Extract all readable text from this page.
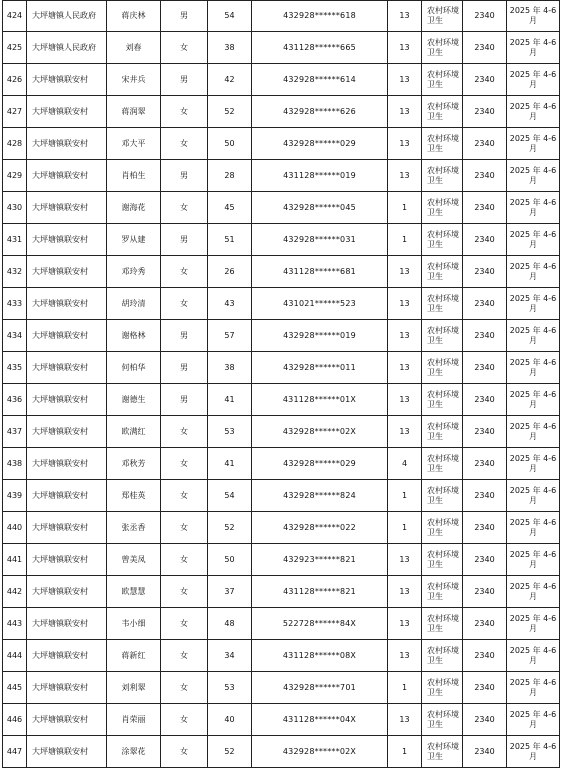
424	大坪塘镇人民政府	蒋庆林	男	54	432928******618	13	农村环境卫生	2340	2025 年 4-6 月
425	大坪塘镇人民政府	刘春	女	38	431128******665	13	农村环境卫生	2340	2025 年 4-6 月
426	大坪塘镇联安村	宋井兵	男	42	432928******614	13	农村环境卫生	2340	2025 年 4-6 月
427	大坪塘镇联安村	蒋润翠	女	52	432928******626	13	农村环境卫生	2340	2025 年 4-6 月
428	大坪塘镇联安村	邓大平	女	50	432928******029	13	农村环境卫生	2340	2025 年 4-6 月
429	大坪塘镇联安村	肖柏生	男	28	431128******019	13	农村环境卫生	2340	2025 年 4-6 月
430	大坪塘镇联安村	谢海花	女	45	432928******045	1	农村环境卫生	2340	2025 年 4-6 月
431	大坪塘镇联安村	罗从建	男	51	432928******031	1	农村环境卫生	2340	2025 年 4-6 月
432	大坪塘镇联安村	邓玲秀	女	26	431128******681	13	农村环境卫生	2340	2025 年 4-6 月
433	大坪塘镇联安村	胡玲清	女	43	431021******523	13	农村环境卫生	2340	2025 年 4-6 月
434	大坪塘镇联安村	谢格林	男	57	432928******019	13	农村环境卫生	2340	2025 年 4-6 月
435	大坪塘镇联安村	何柏华	男	38	432928******011	13	农村环境卫生	2340	2025 年 4-6 月
436	大坪塘镇联安村	谢德生	男	41	431128******01X	13	农村环境卫生	2340	2025 年 4-6 月
437	大坪塘镇联安村	欧满红	女	53	432928******02X	13	农村环境卫生	2340	2025 年 4-6 月
438	大坪塘镇联安村	邓秋芳	女	41	432928******029	4	农村环境卫生	2340	2025 年 4-6 月
439	大坪塘镇联安村	郑桂英	女	54	432928******824	1	农村环境卫生	2340	2025 年 4-6 月
440	大坪塘镇联安村	张丞香	女	52	432928******022	1	农村环境卫生	2340	2025 年 4-6 月
441	大坪塘镇联安村	曾美凤	女	50	432923******821	13	农村环境卫生	2340	2025 年 4-6 月
442	大坪塘镇联安村	欧慧慧	女	37	431128******821	13	农村环境卫生	2340	2025 年 4-6 月
443	大坪塘镇联安村	韦小细	女	48	522728******84X	13	农村环境卫生	2340	2025 年 4-6 月
444	大坪塘镇联安村	蒋新红	女	34	431128******08X	13	农村环境卫生	2340	2025 年 4-6 月
445	大坪塘镇联安村	刘利翠	女	53	432928******701	1	农村环境卫生	2340	2025 年 4-6 月
446	大坪塘镇联安村	肖荣丽	女	40	431128******04X	13	农村环境卫生	2340	2025 年 4-6 月
447	大坪塘镇联安村	涂翠花	女	52	432928******02X	1	农村环境卫生	2340	2025 年 4-6 月
